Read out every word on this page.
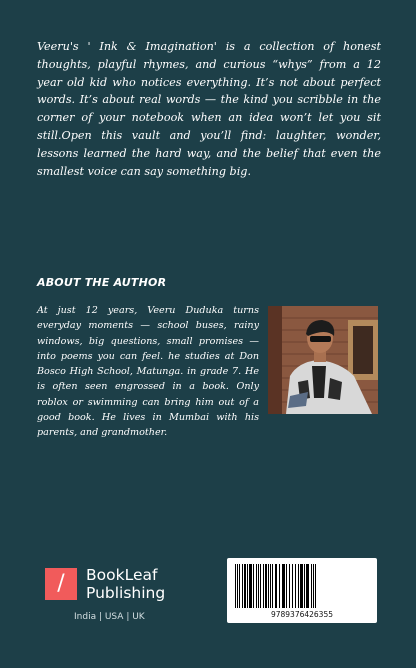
Veeru's ' Ink & Imagination' is a collection of honest thoughts, playful rhymes, and curious “whys” from a 12 year old kid who notices everything. It’s not about perfect words. It’s about real words — the kind you scribble in the corner of your notebook when an idea won’t let you sit still.Open this vault and you’ll find: laughter, wonder, lessons learned the hard way, and the belief that even the smallest voice can say something big.

ABOUT THE AUTHOR

At just 12 years, Veeru Duduka turns everyday moments — school buses, rainy windows, big questions, small promises — into poems you can feel. he studies at Don Bosco High School, Matunga. in grade 7. He is often seen engrossed in a book. Only roblox or swimming can bring him out of a good book. He lives in Mumbai with his parents, and grandmother.

/ BookLeaf
Publishing
India | USA | UK	9789376426355
